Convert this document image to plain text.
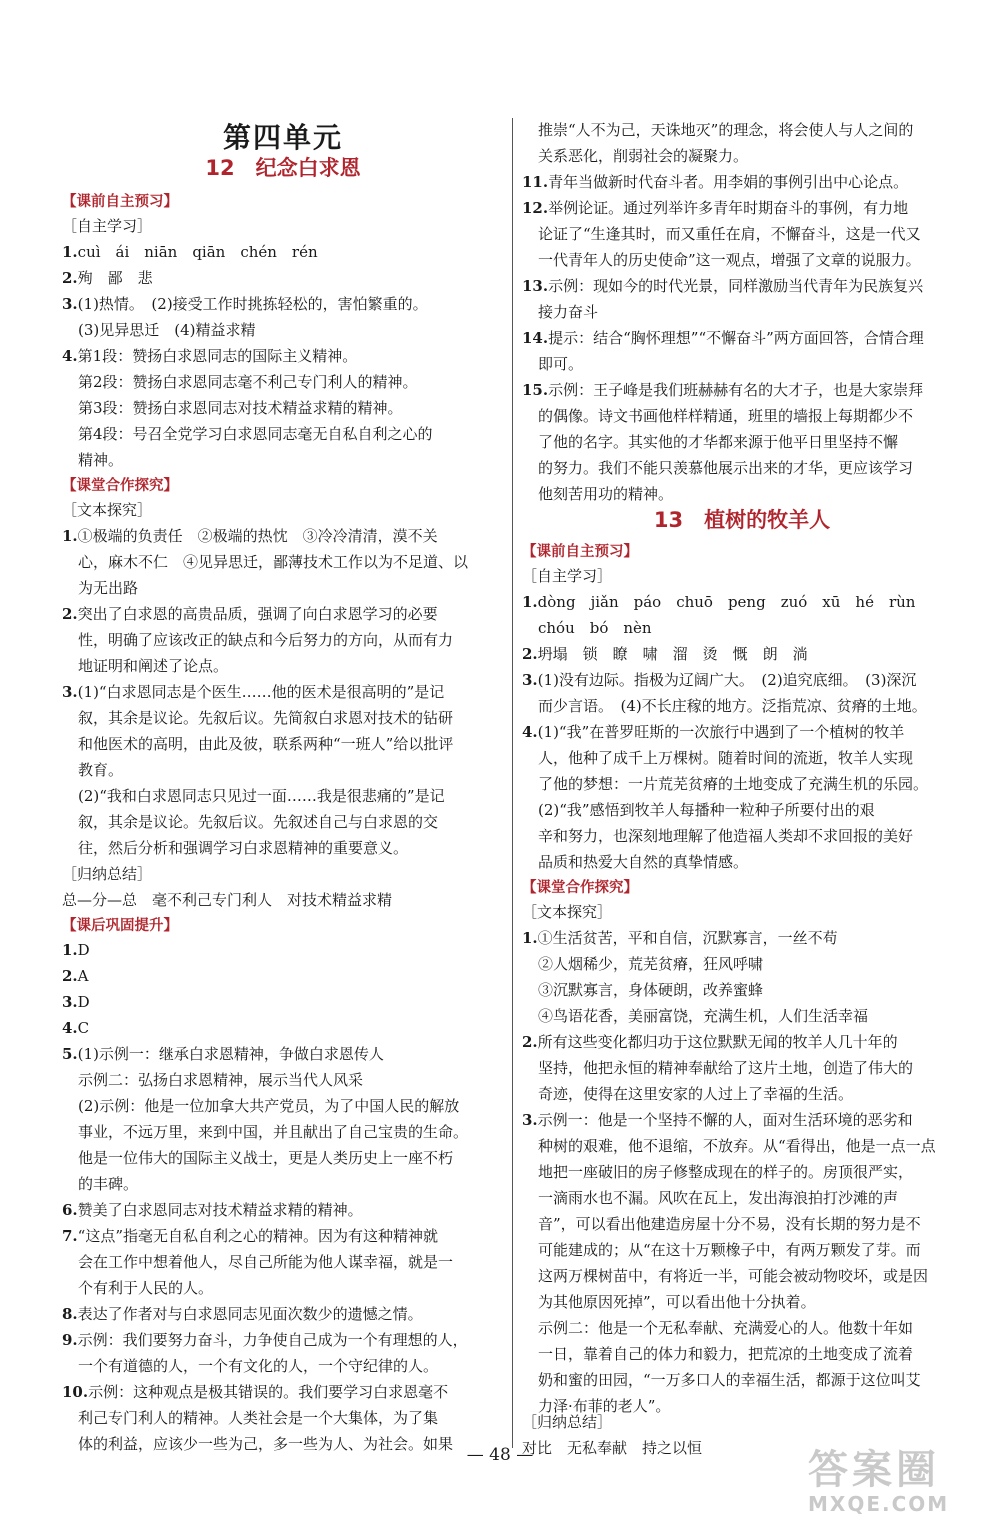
第四单元
12　纪念白求恩
【课前自主预习】
［自主学习］
1.cuì　ái　niān　qiān　chén　rén
2.殉　鄙　悲
3.(1)热情。　(2)接受工作时挑拣轻松的，害怕繁重的。
(3)见异思迁　(4)精益求精
4.第1段：赞扬白求恩同志的国际主义精神。
第2段：赞扬白求恩同志毫不利己专门利人的精神。
第3段：赞扬白求恩同志对技术精益求精的精神。
第4段：号召全党学习白求恩同志毫无自私自利之心的
精神。
【课堂合作探究】
［文本探究］
1.①极端的负责任　②极端的热忱　③冷冷清清，漠不关
心，麻木不仁　④见异思迁，鄙薄技术工作以为不足道、以
为无出路
2.突出了白求恩的高贵品质，强调了向白求恩学习的必要
性，明确了应该改正的缺点和今后努力的方向，从而有力
地证明和阐述了论点。
3.(1)“白求恩同志是个医生……他的医术是很高明的”是记
叙，其余是议论。先叙后议。先简叙白求恩对技术的钻研
和他医术的高明，由此及彼，联系两种“一班人”给以批评
教育。
(2)“我和白求恩同志只见过一面……我是很悲痛的”是记
叙，其余是议论。先叙后议。先叙述自己与白求恩的交
往，然后分析和强调学习白求恩精神的重要意义。
［归纳总结］
总—分—总　毫不利己专门利人　对技术精益求精
【课后巩固提升】
1.D
2.A
3.D
4.C
5.(1)示例一：继承白求恩精神，争做白求恩传人
示例二：弘扬白求恩精神，展示当代人风采
(2)示例：他是一位加拿大共产党员，为了中国人民的解放
事业，不远万里，来到中国，并且献出了自己宝贵的生命。
他是一位伟大的国际主义战士，更是人类历史上一座不朽
的丰碑。
6.赞美了白求恩同志对技术精益求精的精神。
7.“这点”指毫无自私自利之心的精神。因为有这种精神就
会在工作中想着他人，尽自己所能为他人谋幸福，就是一
个有利于人民的人。
8.表达了作者对与白求恩同志见面次数少的遗憾之情。
9.示例：我们要努力奋斗，力争使自己成为一个有理想的人，
一个有道德的人，一个有文化的人，一个守纪律的人。
10.示例：这种观点是极其错误的。我们要学习白求恩毫不
利己专门利人的精神。人类社会是一个大集体，为了集
体的利益，应该少一些为己，多一些为人、为社会。如果
推崇“人不为己，天诛地灭”的理念，将会使人与人之间的
关系恶化，削弱社会的凝聚力。
11.青年当做新时代奋斗者。用李娟的事例引出中心论点。
12.举例论证。通过列举许多青年时期奋斗的事例，有力地
论证了“生逢其时，而又重任在肩，不懈奋斗，这是一代又
一代青年人的历史使命”这一观点，增强了文章的说服力。
13.示例：现如今的时代光景，同样激励当代青年为民族复兴
接力奋斗
14.提示：结合“胸怀理想”“不懈奋斗”两方面回答，合情合理
即可。
15.示例：王子峰是我们班赫赫有名的大才子，也是大家崇拜
的偶像。诗文书画他样样精通，班里的墙报上每期都少不
了他的名字。其实他的才华都来源于他平日里坚持不懈
的努力。我们不能只羡慕他展示出来的才华，更应该学习
他刻苦用功的精神。
13　植树的牧羊人
【课前自主预习】
［自主学习］
1.dòng　jiǎn　páo　chuō　peng　zuó　xū　hé　rùn
chóu　bó　nèn
2.坍塌　锁　瞭　啸　溜　烫　慨　朗　淌
3.(1)没有边际。指极为辽阔广大。　(2)追究底细。　(3)深沉
而少言语。　(4)不长庄稼的地方。泛指荒凉、贫瘠的土地。
4.(1)“我”在普罗旺斯的一次旅行中遇到了一个植树的牧羊
人，他种了成千上万棵树。随着时间的流逝，牧羊人实现
了他的梦想：一片荒芜贫瘠的土地变成了充满生机的乐园。
(2)“我”感悟到牧羊人每播种一粒种子所要付出的艰
辛和努力，也深刻地理解了他造福人类却不求回报的美好
品质和热爱大自然的真挚情感。
【课堂合作探究】
［文本探究］
1.①生活贫苦，平和自信，沉默寡言，一丝不苟
②人烟稀少，荒芜贫瘠，狂风呼啸
③沉默寡言，身体硬朗，改养蜜蜂
④鸟语花香，美丽富饶，充满生机，人们生活幸福
2.所有这些变化都归功于这位默默无闻的牧羊人几十年的
坚持，他把永恒的精神奉献给了这片土地，创造了伟大的
奇迹，使得在这里安家的人过上了幸福的生活。
3.示例一：他是一个坚持不懈的人，面对生活环境的恶劣和
种树的艰难，他不退缩，不放弃。从“看得出，他是一点一点
地把一座破旧的房子修整成现在的样子的。房顶很严实，
一滴雨水也不漏。风吹在瓦上，发出海浪拍打沙滩的声
音”，可以看出他建造房屋十分不易，没有长期的努力是不
可能建成的；从“在这十万颗橡子中，有两万颗发了芽。而
这两万棵树苗中，有将近一半，可能会被动物咬坏，或是因
为其他原因死掉”，可以看出他十分执着。
示例二：他是一个无私奉献、充满爱心的人。他数十年如
一日，靠着自己的体力和毅力，把荒凉的土地变成了流着
奶和蜜的田园，“一万多口人的幸福生活，都源于这位叫艾
力泽·布菲的老人”。
［归纳总结］
对比　无私奉献　持之以恒
— 48 —	答案圈
MXQE.COM
